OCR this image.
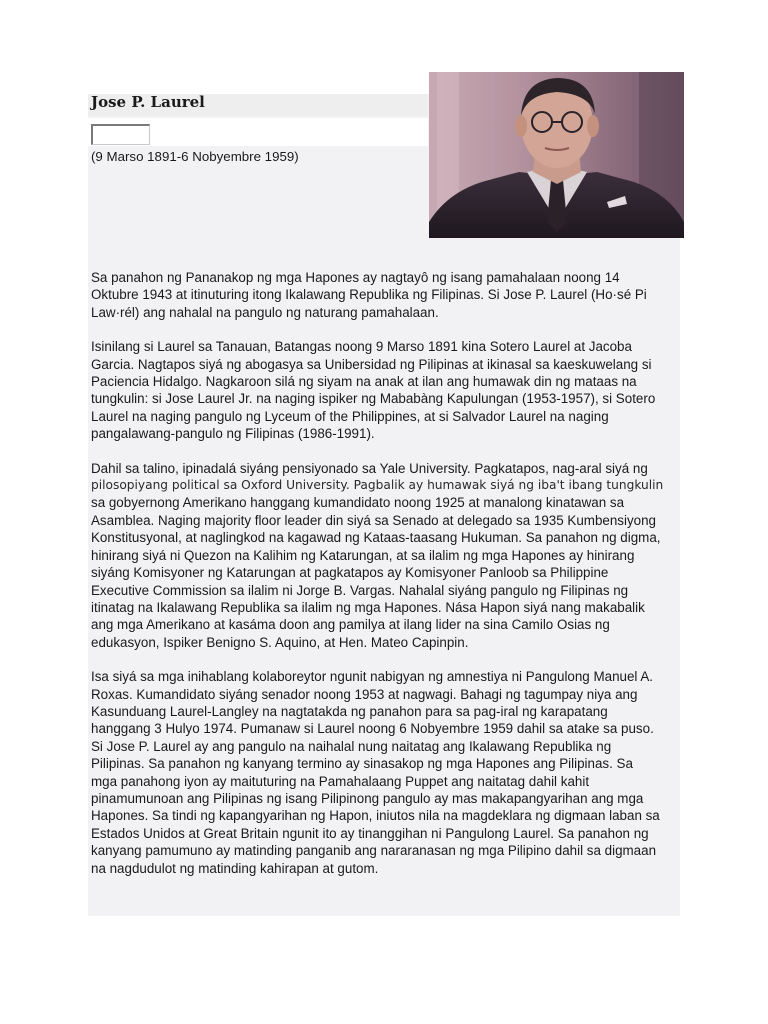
Jose P. Laurel
(9 Marso 1891-6 Nobyembre 1959)

Sa panahon ng Pananakop ng mga Hapones ay nagtayô ng isang pamahalaan noong 14
Oktubre 1943 at itinuturing itong Ikalawang Republika ng Filipinas. Si Jose P. Laurel (Ho·sé Pi
Law·rél) ang nahalal na pangulo ng naturang pamahalaan.

Isinilang si Laurel sa Tanauan, Batangas noong 9 Marso 1891 kina Sotero Laurel at Jacoba
Garcia. Nagtapos siyá ng abogasya sa Unibersidad ng Pilipinas at ikinasal sa kaeskuwelang si
Paciencia Hidalgo. Nagkaroon silá ng siyam na anak at ilan ang humawak din ng mataas na
tungkulin: si Jose Laurel Jr. na naging ispiker ng Mababàng Kapulungan (1953-1957), si Sotero
Laurel na naging pangulo ng Lyceum of the Philippines, at si Salvador Laurel na naging
pangalawang-pangulo ng Filipinas (1986-1991).

Dahil sa talino, ipinadalá siyáng pensiyonado sa Yale University. Pagkatapos, nag-aral siyá ng
pilosopiyang political sa Oxford University. Pagbalik ay humawak siyá ng iba't ibang tungkulin
sa gobyernong Amerikano hanggang kumandidato noong 1925 at manalong kinatawan sa
Asamblea. Naging majority floor leader din siyá sa Senado at delegado sa 1935 Kumbensiyong
Konstitusyonal, at naglingkod na kagawad ng Kataas-taasang Hukuman. Sa panahon ng digma,
hinirang siyá ni Quezon na Kalihim ng Katarungan, at sa ilalim ng mga Hapones ay hinirang
siyáng Komisyoner ng Katarungan at pagkatapos ay Komisyoner Panloob sa Philippine
Executive Commission sa ilalim ni Jorge B. Vargas. Nahalal siyáng pangulo ng Filipinas ng
itinatag na Ikalawang Republika sa ilalim ng mga Hapones. Nása Hapon siyá nang makabalik
ang mga Amerikano at kasáma doon ang pamilya at ilang lider na sina Camilo Osias ng
edukasyon, Ispiker Benigno S. Aquino, at Hen. Mateo Capinpin.

Isa siyá sa mga inihablang kolaboreytor ngunit nabigyan ng amnestiya ni Pangulong Manuel A.
Roxas. Kumandidato siyáng senador noong 1953 at nagwagi. Bahagi ng tagumpay niya ang
Kasunduang Laurel-Langley na nagtatakda ng panahon para sa pag-iral ng karapatang
hanggang 3 Hulyo 1974. Pumanaw si Laurel noong 6 Nobyembre 1959 dahil sa atake sa puso.
Si Jose P. Laurel ay ang pangulo na naihalal nung naitatag ang Ikalawang Republika ng
Pilipinas. Sa panahon ng kanyang termino ay sinasakop ng mga Hapones ang Pilipinas. Sa
mga panahong iyon ay maituturing na Pamahalaang Puppet ang naitatag dahil kahit
pinamumunoan ang Pilipinas ng isang Pilipinong pangulo ay mas makapangyarihan ang mga
Hapones. Sa tindi ng kapangyarihan ng Hapon, iniutos nila na magdeklara ng digmaan laban sa
Estados Unidos at Great Britain ngunit ito ay tinanggihan ni Pangulong Laurel. Sa panahon ng
kanyang pamumuno ay matinding panganib ang nararanasan ng mga Pilipino dahil sa digmaan
na nagdudulot ng matinding kahirapan at gutom.
